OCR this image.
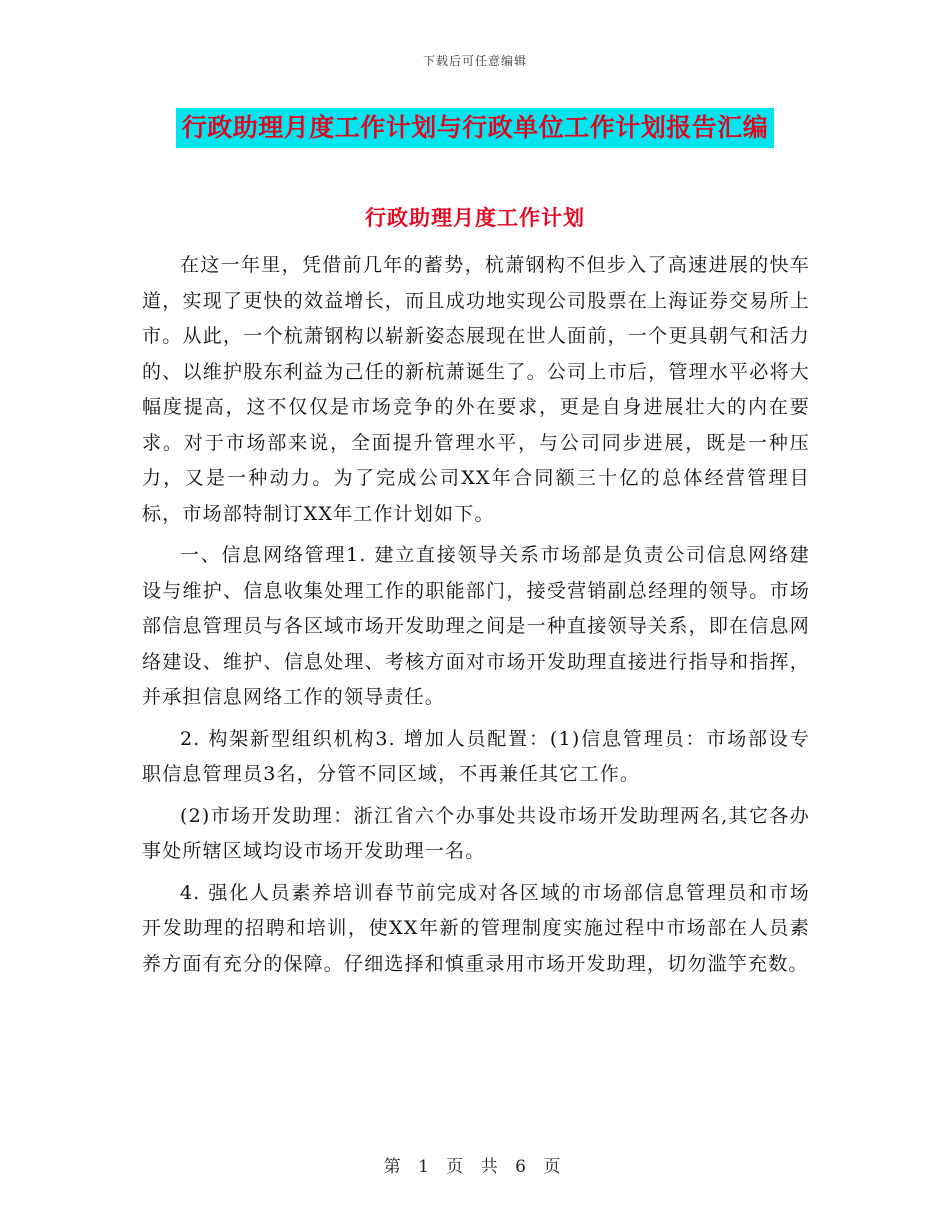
下载后可任意编辑
行政助理月度工作计划与行政单位工作计划报告汇编
行政助理月度工作计划

在这一年里，凭借前几年的蓄势，杭萧钢构不但步入了高速进展的快车道，实现了更快的效益增长，而且成功地实现公司股票在上海证券交易所上市。从此，一个杭萧钢构以崭新姿态展现在世人面前，一个更具朝气和活力的、以维护股东利益为己任的新杭萧诞生了。公司上市后，管理水平必将大幅度提高，这不仅仅是市场竞争的外在要求，更是自身进展壮大的内在要求。对于市场部来说，全面提升管理水平，与公司同步进展，既是一种压力，又是一种动力。为了完成公司XX年合同额三十亿的总体经营管理目标，市场部特制订XX年工作计划如下。

一、信息网络管理1. 建立直接领导关系市场部是负责公司信息网络建设与维护、信息收集处理工作的职能部门，接受营销副总经理的领导。市场部信息管理员与各区域市场开发助理之间是一种直接领导关系，即在信息网络建设、维护、信息处理、考核方面对市场开发助理直接进行指导和指挥，并承担信息网络工作的领导责任。

2. 构架新型组织机构3. 增加人员配置：(1)信息管理员：市场部设专职信息管理员3名，分管不同区域，不再兼任其它工作。

(2)市场开发助理：浙江省六个办事处共设市场开发助理两名,其它各办事处所辖区域均设市场开发助理一名。

4. 强化人员素养培训春节前完成对各区域的市场部信息管理员和市场开发助理的招聘和培训，使XX年新的管理制度实施过程中市场部在人员素养方面有充分的保障。仔细选择和慎重录用市场开发助理，切勿滥竽充数。

第 1 页 共 6 页
